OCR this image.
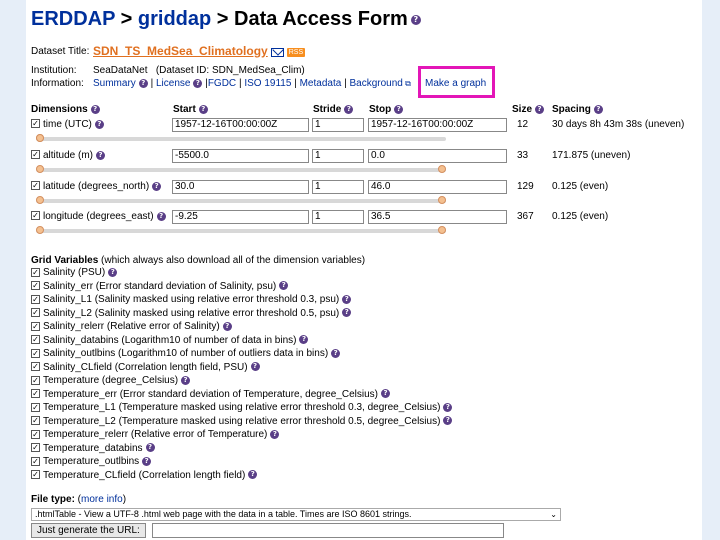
ERDDAP > griddap > Data Access Form ?
Dataset Title: SDN_TS_MedSea_Climatology	RSS
Institution: SeaDataNet   (Dataset ID: SDN_MedSea_Clim)
Information: Summary ? | License ? |FGDC | ISO 19115 | Metadata | Background ⧉ Make a graph
Dimensions ?	Start ?	Stride ? Stop ?	Size ? Spacing ?
✓ time (UTC) ?	1957-12-16T00:00:00Z	1	1957-12-16T00:00:00Z	12 30 days 8h 43m 38s (uneven)
✓ altitude (m) ?	-5500.0	1	0.0	33 171.875 (uneven)
✓ latitude (degrees_north) ?	30.0	1	46.0	129 0.125 (even)
✓ longitude (degrees_east) ?	-9.25	1	36.5	367 0.125 (even)
Grid Variables (which always also download all of the dimension variables)
✓ Salinity (PSU) ?
✓ Salinity_err (Error standard deviation of Salinity, psu) ?
✓ Salinity_L1 (Salinity masked using relative error threshold 0.3, psu) ?
✓ Salinity_L2 (Salinity masked using relative error threshold 0.5, psu) ?
✓ Salinity_relerr (Relative error of Salinity) ?
✓ Salinity_databins (Logarithm10 of number of data in bins) ?
✓ Salinity_outlbins (Logarithm10 of number of outliers data in bins) ?
✓ Salinity_CLfield (Correlation length field, PSU) ?
✓ Temperature (degree_Celsius) ?
✓ Temperature_err (Error standard deviation of Temperature, degree_Celsius) ?
✓ Temperature_L1 (Temperature masked using relative error threshold 0.3, degree_Celsius) ?
✓ Temperature_L2 (Temperature masked using relative error threshold 0.5, degree_Celsius) ?
✓ Temperature_relerr (Relative error of Temperature) ?
✓ Temperature_databins ?
✓ Temperature_outlbins ?
✓ Temperature_CLfield (Correlation length field) ?
File type: (more info)
.htmlTable - View a UTF-8 .html web page with the data in a table. Times are ISO 8601 strings.	⌄
Just generate the URL:
